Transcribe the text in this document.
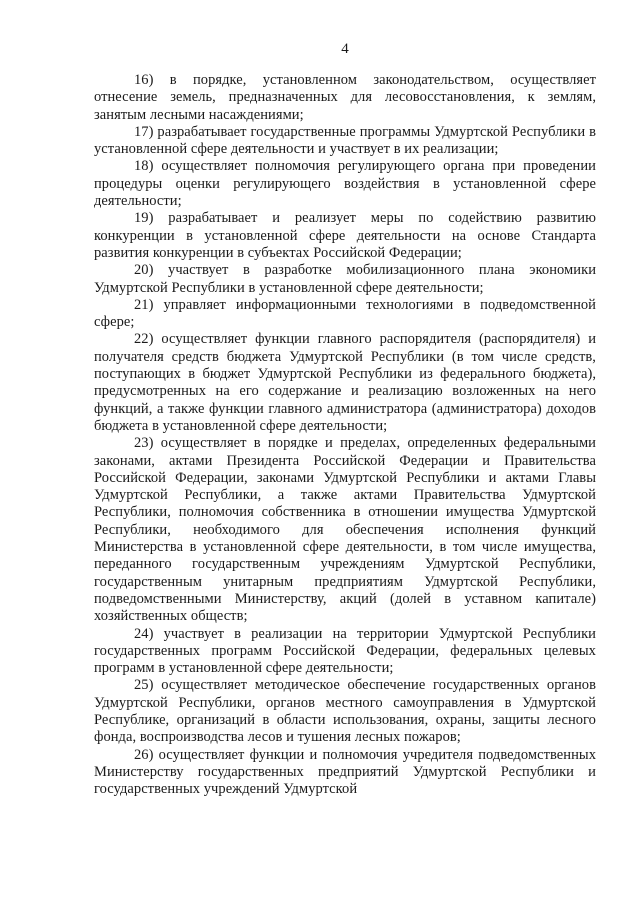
4

16) в порядке, установленном законодательством, осуществляет отнесение земель, предназначенных для лесовосстановления, к землям, занятым лесными насаждениями;

17) разрабатывает государственные программы Удмуртской Республики в установленной сфере деятельности и участвует в их реализации;

18) осуществляет полномочия регулирующего органа при проведении процедуры оценки регулирующего воздействия в установленной сфере деятельности;

19) разрабатывает и реализует меры по содействию развитию конкуренции в установленной сфере деятельности на основе Стандарта развития конкуренции в субъектах Российской Федерации;

20) участвует в разработке мобилизационного плана экономики Удмуртской Республики в установленной сфере деятельности;

21) управляет информационными технологиями в подведомственной сфере;

22) осуществляет функции главного распорядителя (распорядителя) и получателя средств бюджета Удмуртской Республики (в том числе средств, поступающих в бюджет Удмуртской Республики из федерального бюджета), предусмотренных на его содержание и реализацию возложенных на него функций, а также функции главного администратора (администратора) доходов бюджета в установленной сфере деятельности;

23) осуществляет в порядке и пределах, определенных федеральными законами, актами Президента Российской Федерации и Правительства Российской Федерации, законами Удмуртской Республики и актами Главы Удмуртской Республики, а также актами Правительства Удмуртской Республики, полномочия собственника в отношении имущества Удмуртской Республики, необходимого для обеспечения исполнения функций Министерства в установленной сфере деятельности, в том числе имущества, переданного государственным учреждениям Удмуртской Республики, государственным унитарным предприятиям Удмуртской Республики, подведомственными Министерству, акций (долей в уставном капитале) хозяйственных обществ;

24) участвует в реализации на территории Удмуртской Республики государственных программ Российской Федерации, федеральных целевых программ в установленной сфере деятельности;

25) осуществляет методическое обеспечение государственных органов Удмуртской Республики, органов местного самоуправления в Удмуртской Республике, организаций в области использования, охраны, защиты лесного фонда, воспроизводства лесов и тушения лесных пожаров;

26) осуществляет функции и полномочия учредителя подведомственных Министерству государственных предприятий Удмуртской Республики и государственных учреждений Удмуртской
